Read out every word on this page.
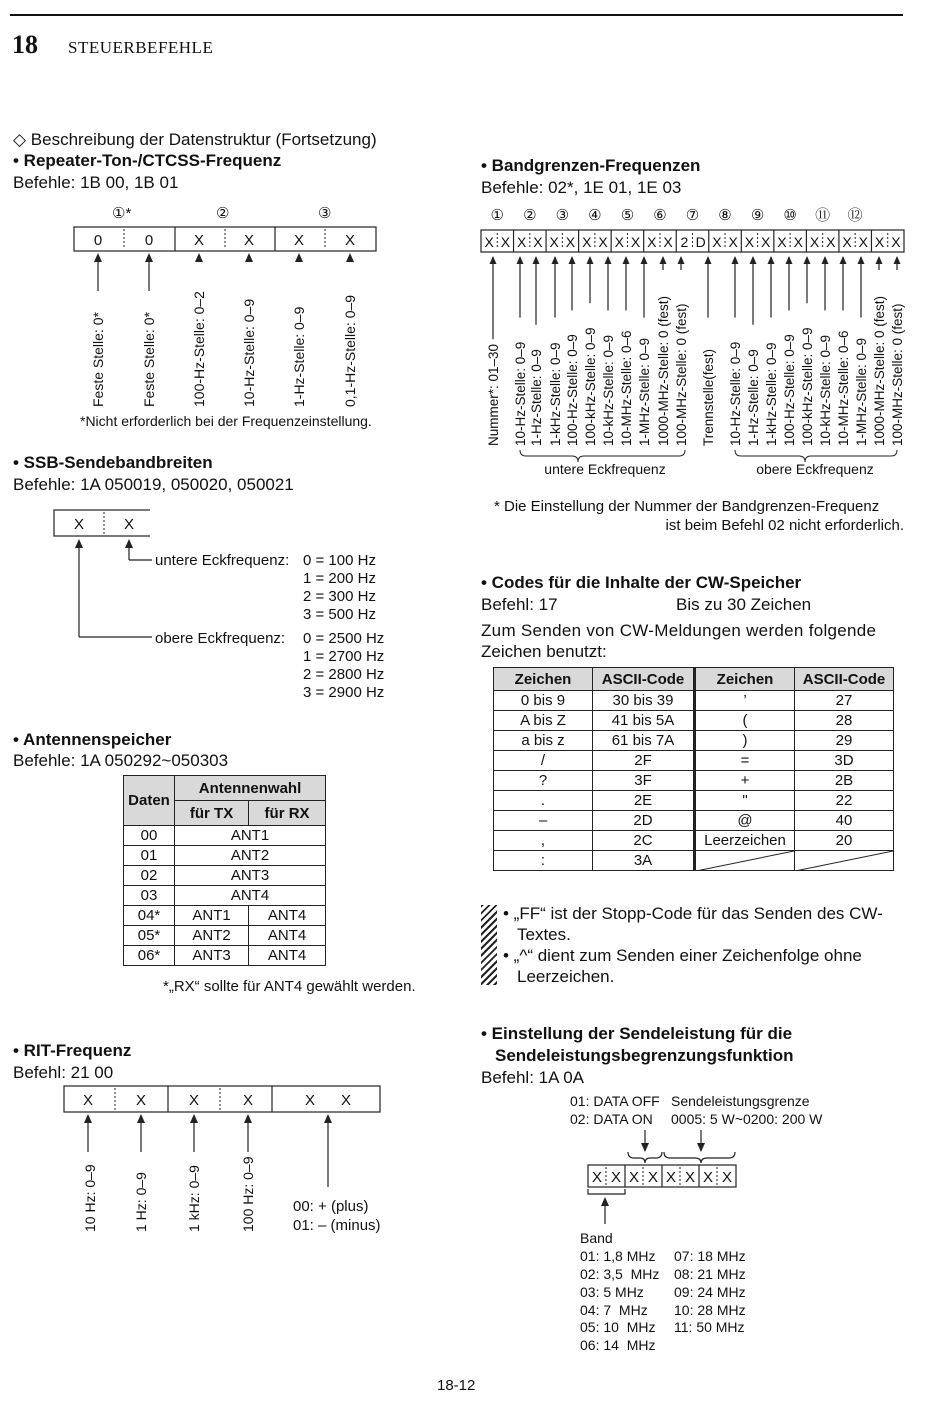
18 STEUERBEFEHLE
◇ Beschreibung der Datenstruktur (Fortsetzung)
• Repeater-Ton-/CTCSS-Frequenz
Befehle: 1B 00, 1B 01
①*	②	③
0	0	X	X	X	X
Feste Stelle: 0*	Feste Stelle: 0* 100-Hz-Stelle: 0–2 10-Hz-Stelle: 0–9 1-Hz-Stelle: 0–9	0,1-Hz-Stelle: 0–9
*Nicht erforderlich bei der Frequenzeinstellung.
• SSB-Sendebandbreiten
Befehle: 1A 050019, 050020, 050021
X	X
untere Eckfrequenz: 0 = 100 Hz
1 = 200 Hz
2 = 300 Hz
3 = 500 Hz
obere Eckfrequenz: 0 = 2500 Hz
1 = 2700 Hz
2 = 2800 Hz
3 = 2900 Hz
• Antennenspeicher
Befehle: 1A 050292~050303
Daten	Antennenwahl	
	für TX	für RX
00	ANT1	
01	ANT2	
02	ANT3	
03	ANT4	
04*	ANT1	ANT4
05*	ANT2	ANT4
06*	ANT3	ANT4
*„RX“ sollte für ANT4 gewählt werden.
• RIT-Frequenz
Befehl: 21 00
X	X	X	X	X X
10 Hz: 0–9	1 Hz: 0–9	1 kHz: 0–9	100 Hz: 0–9 00: + (plus)
01: – (minus)
• Bandgrenzen-Frequenzen
Befehle: 02*, 1E 01, 1E 03
X X X X X X X X X X X X 2 D X X X X X X X X X X X X
① ② ③ ④ ⑤ ⑥ ⑦ ⑧ ⑨ ⑩ ⑪ ⑫
Nummer*: 01–30 10-Hz-Stelle: 0–9 1-Hz-Stelle: 0–9 1-kHz-Stelle: 0–9 100-Hz-Stelle: 0–9 100-kHz-Stelle: 0–9 10-kHz-Stelle: 0–9 10-MHz-Stelle: 0–6 1-MHz-Stelle: 0–9 1000-MHz-Stelle: 0 (fest) 100-MHz-Stelle: 0 (fest) Trennstelle(fest) 10-Hz-Stelle: 0–9 1-Hz-Stelle: 0–9 1-kHz-Stelle: 0–9 100-Hz-Stelle: 0–9 100-kHz-Stelle: 0–9 10-kHz-Stelle: 0–9 10-MHz-Stelle: 0–6 1-MHz-Stelle: 0–9 1000-MHz-Stelle: 0 (fest) 100-MHz-Stelle: 0 (fest)
untere Eckfrequenz	obere Eckfrequenz
* Die Einstellung der Nummer der Bandgrenzen-Frequenz
ist beim Befehl 02 nicht erforderlich.
• Codes für die Inhalte der CW-Speicher
Befehl: 17	Bis zu 30 Zeichen
Zum Senden von CW-Meldungen werden folgende
Zeichen benutzt:
Zeichen	ASCII-Code	Zeichen	ASCII-Code
0 bis 9	30 bis 39	’	27
A bis Z	41 bis 5A	(	28
a bis z	61 bis 7A	)	29
/	2F	=	3D
?	3F	+	2B
.	2E	"	22
–	2D	@	40
,	2C	Leerzeichen	20
:	3A	

• „FF“ ist der Stopp-Code für das Senden des CW-
Textes.
• „^“ dient zum Senden einer Zeichenfolge ohne
Leerzeichen.
• Einstellung der Sendeleistung für die
Sendeleistungsbegrenzungsfunktion
Befehl: 1A 0A
01: DATA OFF
02: DATA ON
Sendeleistungsgrenze
0005: 5 W~0200: 200 W
X X X X X X X X
Band
01: 1,8 MHz
02: 3,5  MHz
03: 5 MHz
04: 7  MHz
05: 10  MHz
06: 14  MHz
07: 18 MHz
08: 21 MHz
09: 24 MHz
10: 28 MHz
11: 50 MHz
18-12
